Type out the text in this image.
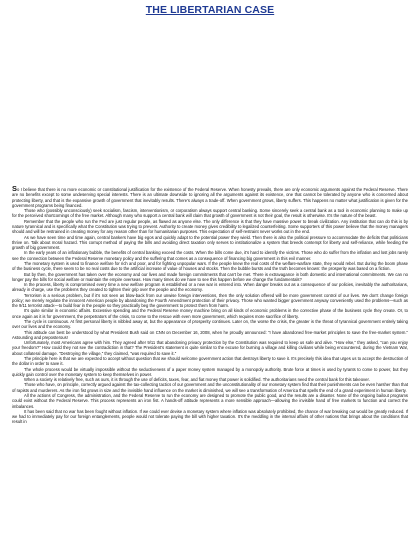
THE LIBERTARIAN CASE

So I believe that there is no more economic or constitutional justification for the existence of the Federal Reserve. When honesty prevails, there are only economic arguments against the Federal Reserve. There are no benefits except to some undeserving special interests. There is an ultimate downside to ignoring all the arguments against its existence, one that cannot be tolerated by anyone who is concerned about protecting liberty, and that is the expansive growth of government that inevitably results. There's always a trade-off. When government grows, liberty suffers. This happens no matter what justification is given for the government programs being financed.

Those who (possibly unconsciously) seek socialism, fascism, interventionism, or corporatism always support central banking. Some sincerely seek a central bank as a tool in economic planning to make up for the perceived shortcomings of the free market. Although many who support a central bank will claim that growth of government is not their goal, the result is otherwise. It's the nature of the beast.

Remember that the people who run the Fed are just regular people, as flawed as anyone else. The only difference is that they have massive power to break civilization. Any institution that can do this is by nature tyrannical and is specifically what the Constitution was trying to prevent. Authority to create money gives credibility to legalized counterfeiting. Some supporters of this power believe that the money managers should and will be restrained in creating money for any reason other than for humanitarian purposes. This expectation of self-restraint never works out in the end.

As we have seen time and time again, central bankers have big egos and quickly adapt to the potential power they wield. Then there is also the political pressure to accommodate the deficits that politicians thrive on. Talk about moral hazard. This corrupt method of paying the bills and avoiding direct taxation only serves to institutionalize a system that breeds contempt for liberty and self-reliance, while feeding the growth of big government.

In the early years of an inflationary bubble, the benefits of central banking exceed the costs. When the bills come due, it's hard to identify the victims. Those who do suffer from the inflation and lost jobs rarely see the connection between the Federal Reserve monetary policy and the suffering that comes as a consequence of financing big government in this evil manner.

The monetary system is used to finance welfare for rich and poor, and for fighting unpopular wars. If the people knew the real costs of the welfare-warfare state, they would rebel. But during the boom phase of the business cycle, there seem to be no real costs due to the artificial increase of value of houses and stocks. Then the bubble bursts and the truth becomes known: the prosperity was based on a fiction.

But by then, the government has taken over the economy and our lives and made foreign commitments that can't be met. There is extravagance in both domestic and international commitments. We can no longer pay the bills for social welfare or maintain the empire overseas. How many times do we have to see this happen before we change the fundamentals?

In the process, liberty is compromised every time a new welfare program is established or a new war is entered into. When danger breaks out as a consequence of our policies, inevitably the authoritarians, already in charge, use the problems they created to tighten their grip over the people and the economy.

Terrorism is a serious problem, but if it's not seen as blow-back from our unwise foreign interventions, then the only solution offered will be more government control of our lives. We don't change foreign policy; we merely regulate the innocent American people by abandoning the Fourth Amendment protection of their privacy. Those who wanted bigger government anyway conveniently used the problems—such as the 9/11 terrorist attack—to build fear in the people so they practically beg the government to protect them from harm.

It's quite similar in economic affairs. Excessive spending and the Federal Reserve money machine bring on all kinds of economic problems in the corrective phase of the business cycle they create. Or, to once again as it is for government, the perpetrators of the crisis, to come to the rescue with even more government, which requires more sacrifice of liberty.

The cycle is continuous. At first personal liberty is nibbled away at, but the appearance of prosperity continues. Later on, the worse the crisis, the greater is the threat of tyrannical government entirely taking over our lives and the economy.

This attitude can best be understood by what President Bush said on CNN on December 16, 2008, when he proudly announced: "I have abandoned free-market principles to save the free-market system." Astounding and preposterous!

Unfortunately, most Americans agree with him. They agreed after 9/11 that abandoning privacy protection by the Constitution was required to keep us safe and alive. "How else," they asked, "can you enjoy your freedom?" How could they not see the contradiction in that? The President's statement is quite similar to the excuse for burning a village and killing civilians while being encountered, during the Vietnam War, about collateral damage. "Destroying the village," they claimed, "was required to save it."

The principle here is that we are expected to accept without question that we should welcome government action that destroys liberty to save it. It's precisely this idea that urges us to accept the destruction of the dollar in order to save it.

The whole process would be virtually impossible without the seductiveness of a paper money system managed by a monopoly authority. Brute force at times is used by tyrants to come to power, but they quickly gain control over the monetary system to keep themselves in power.

When a society is relatively free, such as ours, it is through the use of deficits, taxes, fear, and fiat money that power is solidified. The authoritarians need the central bank for this takeover.

Those who have, on principle, correctly argued against the tax-collecting tactics of our government and the unconstitutionality of our monetary system find that their punishments can be even harsher than that of rapists and murderers. As the iron fist grows in size and the invisible hand influence on the market is diminished, we will see a transformation of America that spells the end of a grand experiment in human liberty.

All the actions of Congress, the administration, and the Federal Reserve to run the economy are designed to promote the public good, and the results are a disaster. None of the ongoing bailout programs could exist without the Federal Reserve. This process represents an iron fist. A hands-off attitude represents a more sensible approach—allowing the invisible hand of free markets to function and correct the imbalances.

It has been said that no war has been fought without inflation. If we could ever devise a monetary system where inflation was absolutely prohibited, the chance of war breaking out would be greatly reduced. If we had to immediately pay for our foreign entanglements, people would not tolerate paying the bill with higher taxation. It's the meddling in the internal affairs of other nations that brings about the conditions that result in
